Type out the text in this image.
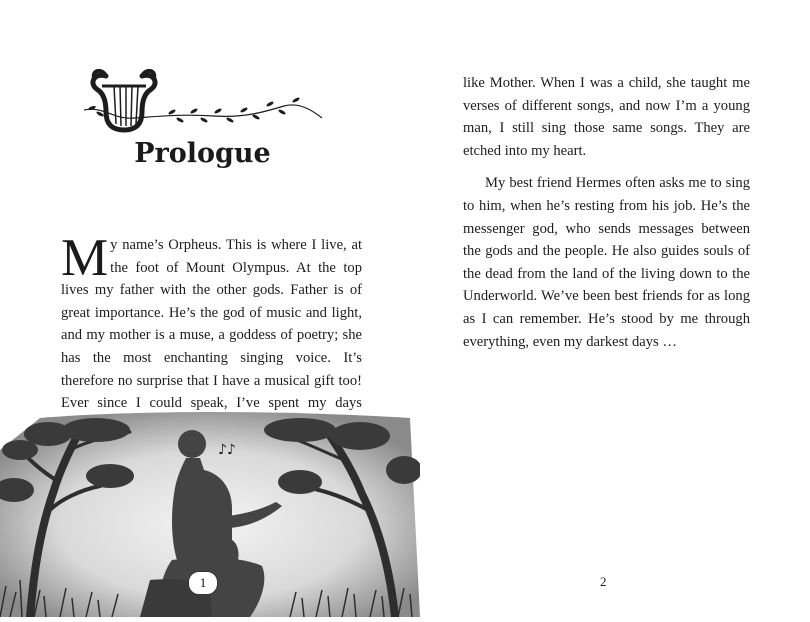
Prologue

My name’s Orpheus. This is where I live, at the foot of Mount Olympus. At the top lives my father with the other gods. Father is of great importance. He’s the god of music and light, and my mother is a muse, a goddess of poetry; she has the most enchanting singing voice. It’s therefore no surprise that I have a musical gift too! Ever since I could speak, I’ve spent my days

♪♪
1

like Mother. When I was a child, she taught me verses of different songs, and now I’m a young man, I still sing those same songs. They are etched into my heart.

My best friend Hermes often asks me to sing to him, when he’s resting from his job. He’s the messenger god, who sends messages between the gods and the people. He also guides souls of the dead from the land of the living down to the Underworld. We’ve been best friends for as long as I can remember. He’s stood by me through everything, even my darkest days …

2
